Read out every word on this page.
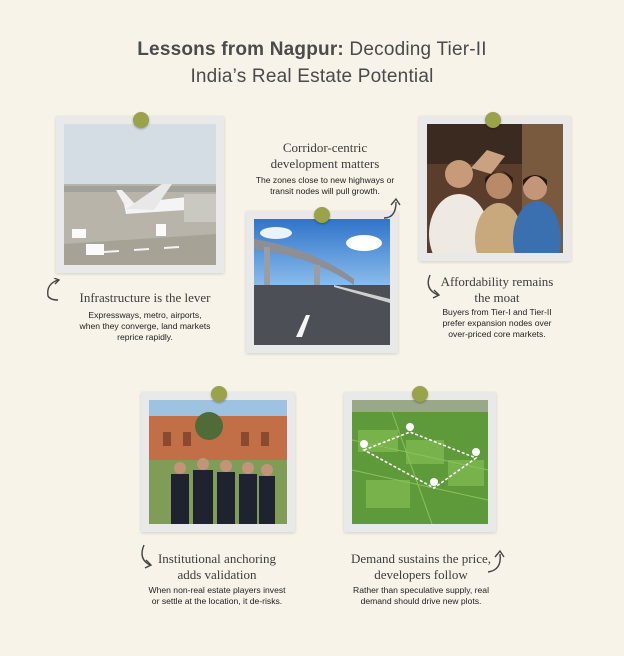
Lessons from Nagpur: Decoding Tier-II
India’s Real Estate Potential
Infrastructure is the lever
Expressways, metro, airports,
when they converge, land markets
reprice rapidly.
Corridor-centric
development matters
The zones close to new highways or
transit nodes will pull growth.
Affordability remains
the moat
Buyers from Tier-I and Tier-II
prefer expansion nodes over
over-priced core markets.
Institutional anchoring
adds validation
When non-real estate players invest
or settle at the location, it de-risks.
Demand sustains the price,
developers follow
Rather than speculative supply, real
demand should drive new plots.
